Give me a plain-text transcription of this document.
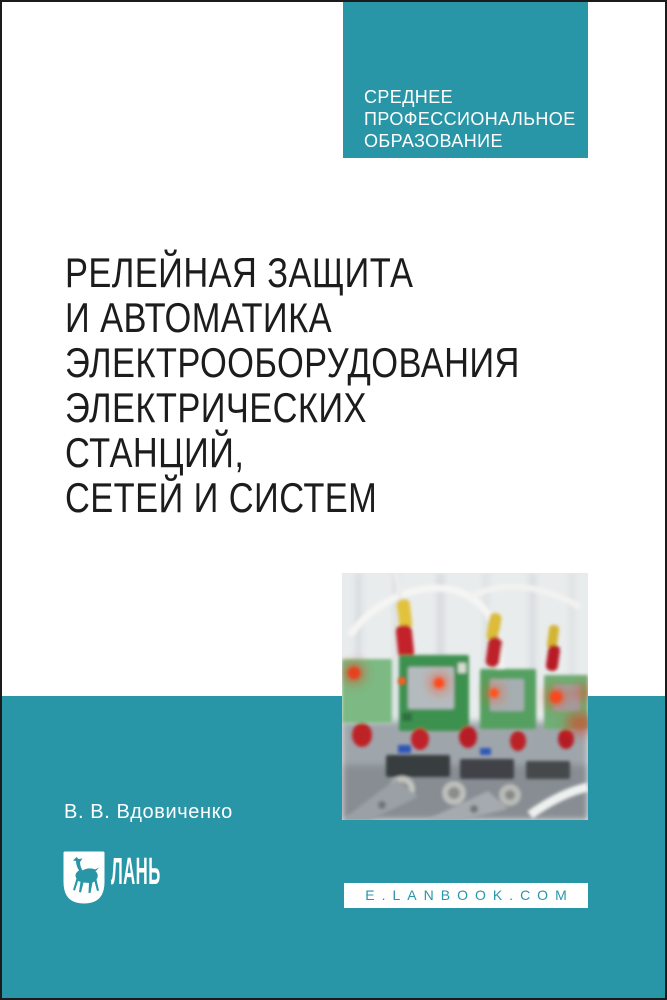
СРЕДНЕЕ
ПРОФЕССИОНАЛЬНОЕ
ОБРАЗОВАНИЕ
РЕЛЕЙНАЯ ЗАЩИТА
И АВТОМАТИКА
ЭЛЕКТРООБОРУДОВАНИЯ
ЭЛЕКТРИЧЕСКИХ
СТАНЦИЙ,
СЕТЕЙ И СИСТЕМ
В. В. Вдовиченко
ЛАНЬ
E.LANBOOK.COM
